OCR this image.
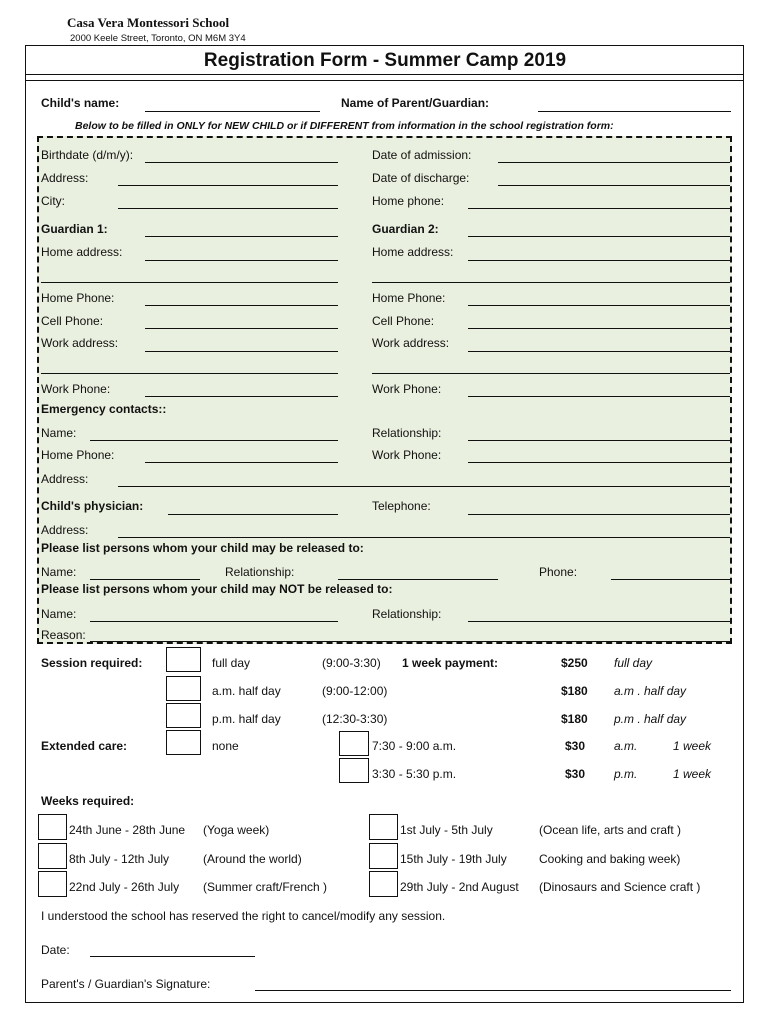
Casa Vera Montessori School
2000 Keele Street, Toronto, ON M6M 3Y4
Registration Form - Summer Camp 2019
Child's name:	Name of Parent/Guardian:
Below to be filled in ONLY for NEW CHILD or if DIFFERENT from information in the school registration form:
Birthdate (d/m/y):	Date of admission:
Address:	Date of discharge:
City:	Home phone:
Guardian 1:	Guardian 2:
Home address:	Home address:
Home Phone:	Home Phone:
Cell Phone:	Cell Phone:
Work address:	Work address:
Work Phone:	Work Phone:
Emergency contacts::
Name:	Relationship:
Home Phone:	Work Phone:
Address:
Child's physician:	Telephone:
Address:
Please list persons whom your child may be released to:
Name:	Relationship:	Phone:
Please list persons whom your child may NOT be released to:
Name:	Relationship:
Reason:
Session required:	1 week payment:
full day	(9:00-3:30)	$250 full day
a.m. half day	(9:00-12:00)	$180 a.m . half day
p.m. half day	(12:30-3:30)	$180 p.m . half day
Extended care:	none	7:30 - 9:00 a.m.	$30 a.m.	1 week
3:30 - 5:30 p.m.	$30 p.m.	1 week
Weeks required:
24th June - 28th June (Yoga week)	1st July - 5th July	(Ocean life, arts and craft )
8th July - 12th July	(Around the world)	15th July - 19th July	Cooking and baking week)
22nd July - 26th July (Summer craft/French )	29th July - 2nd August (Dinosaurs and Science craft )
I understood the school has reserved the right to cancel/modify any session.
Date:
Parent's / Guardian's Signature:
